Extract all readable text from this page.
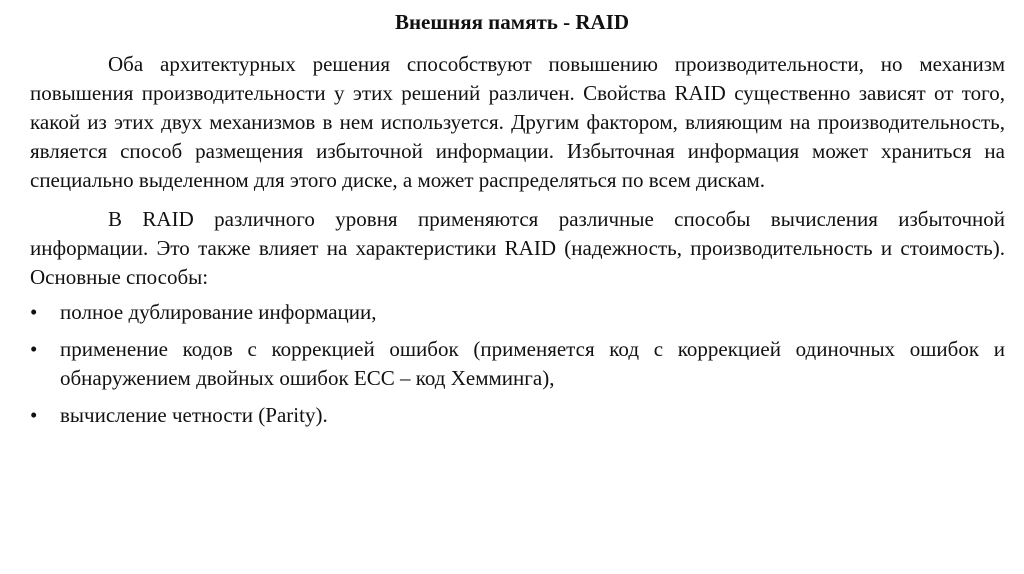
Внешняя память - RAID

Оба архитектурных решения способствуют повышению производительности, но механизм повышения производительности у этих решений различен. Свойства RAID существенно зависят от того, какой из этих двух механизмов в нем используется. Другим фактором, влияющим на производительность, является способ размещения избыточной информации. Избыточная информация может храниться на специально выделенном для этого диске, а может распределяться по всем дискам.

В RAID различного уровня применяются различные способы вычисления избыточной информации. Это также влияет на характеристики RAID (надежность, производительность и стоимость). Основные способы:

•	полное дублирование информации,
•	применение кодов с коррекцией ошибок (применяется код с коррекцией одиночных ошибок и обнаружением двойных ошибок ECC – код Хемминга),
•	вычисление четности (Parity).
